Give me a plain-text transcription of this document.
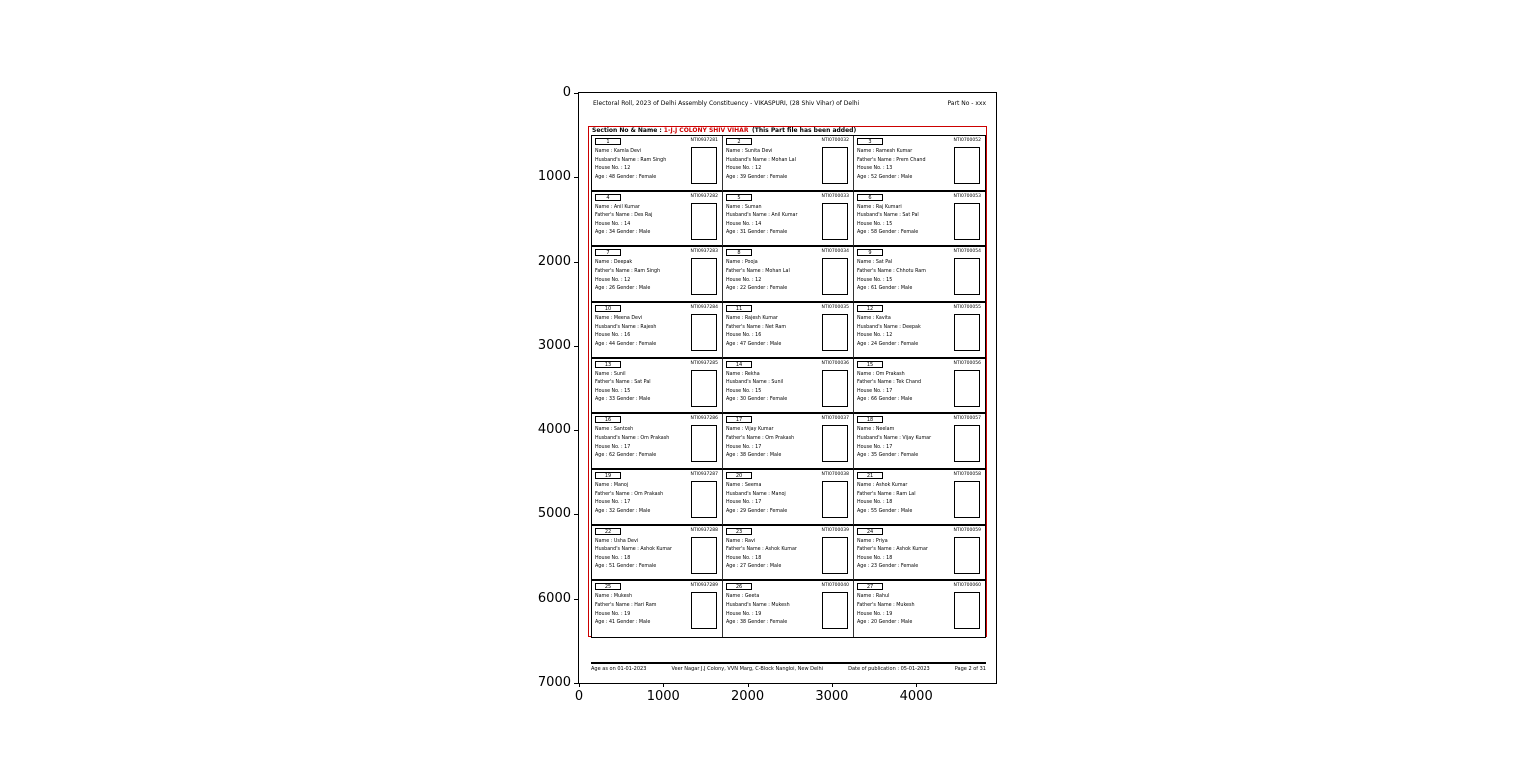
Electoral Roll, 2023 of Delhi Assembly Constituency - VIKASPURI, (28 Shiv Vihar) of Delhi	Part No - xxx
Section No & Name : 1-J.J COLONY SHIV VIHAR (This Part file has been added)
1	NTI0937281
Name : Kamla Devi
Husband's Name : Ram Singh
House No. : 12
Age : 48 Gender : Female
2	NTI0700032
Name : Sunita Devi
Husband's Name : Mohan Lal
House No. : 12
Age : 39 Gender : Female
3	NTI0700052
Name : Ramesh Kumar
Father's Name : Prem Chand
House No. : 13
Age : 52 Gender : Male
4	NTI0937282
Name : Anil Kumar
Father's Name : Des Raj
House No. : 14
Age : 34 Gender : Male
5	NTI0700033
Name : Suman
Husband's Name : Anil Kumar
House No. : 14
Age : 31 Gender : Female
6	NTI0700053
Name : Raj Kumari
Husband's Name : Sat Pal
House No. : 15
Age : 58 Gender : Female
7	NTI0937283
Name : Deepak
Father's Name : Ram Singh
House No. : 12
Age : 26 Gender : Male
8	NTI0700034
Name : Pooja
Father's Name : Mohan Lal
House No. : 12
Age : 22 Gender : Female
9	NTI0700054
Name : Sat Pal
Father's Name : Chhotu Ram
House No. : 15
Age : 61 Gender : Male
10	NTI0937284
Name : Meena Devi
Husband's Name : Rajesh
House No. : 16
Age : 44 Gender : Female
11	NTI0700035
Name : Rajesh Kumar
Father's Name : Net Ram
House No. : 16
Age : 47 Gender : Male
12	NTI0700055
Name : Kavita
Husband's Name : Deepak
House No. : 12
Age : 24 Gender : Female
13	NTI0937285
Name : Sunil
Father's Name : Sat Pal
House No. : 15
Age : 33 Gender : Male
14	NTI0700036
Name : Rekha
Husband's Name : Sunil
House No. : 15
Age : 30 Gender : Female
15	NTI0700056
Name : Om Prakash
Father's Name : Tek Chand
House No. : 17
Age : 66 Gender : Male
16	NTI0937286
Name : Santosh
Husband's Name : Om Prakash
House No. : 17
Age : 62 Gender : Female
17	NTI0700037
Name : Vijay Kumar
Father's Name : Om Prakash
House No. : 17
Age : 38 Gender : Male
18	NTI0700057
Name : Neelam
Husband's Name : Vijay Kumar
House No. : 17
Age : 35 Gender : Female
19	NTI0937287
Name : Manoj
Father's Name : Om Prakash
House No. : 17
Age : 32 Gender : Male
20	NTI0700038
Name : Seema
Husband's Name : Manoj
House No. : 17
Age : 29 Gender : Female
21	NTI0700058
Name : Ashok Kumar
Father's Name : Ram Lal
House No. : 18
Age : 55 Gender : Male
22	NTI0937288
Name : Usha Devi
Husband's Name : Ashok Kumar
House No. : 18
Age : 51 Gender : Female
23	NTI0700039
Name : Ravi
Father's Name : Ashok Kumar
House No. : 18
Age : 27 Gender : Male
24	NTI0700059
Name : Priya
Father's Name : Ashok Kumar
House No. : 18
Age : 23 Gender : Female
25	NTI0937289
Name : Mukesh
Father's Name : Hari Ram
House No. : 19
Age : 41 Gender : Male
26	NTI0700040
Name : Geeta
Husband's Name : Mukesh
House No. : 19
Age : 38 Gender : Female
27	NTI0700060
Name : Rahul
Father's Name : Mukesh
House No. : 19
Age : 20 Gender : Male
Age as on 01-01-2023	Veer Nagar J.J Colony, VVN Marg, C-Block Nangloi, New Delhi	Date of publication : 05-01-2023	Page 2 of 31
0
1000
2000
3000
4000
5000
6000
7000
0	1000	2000	3000	4000
